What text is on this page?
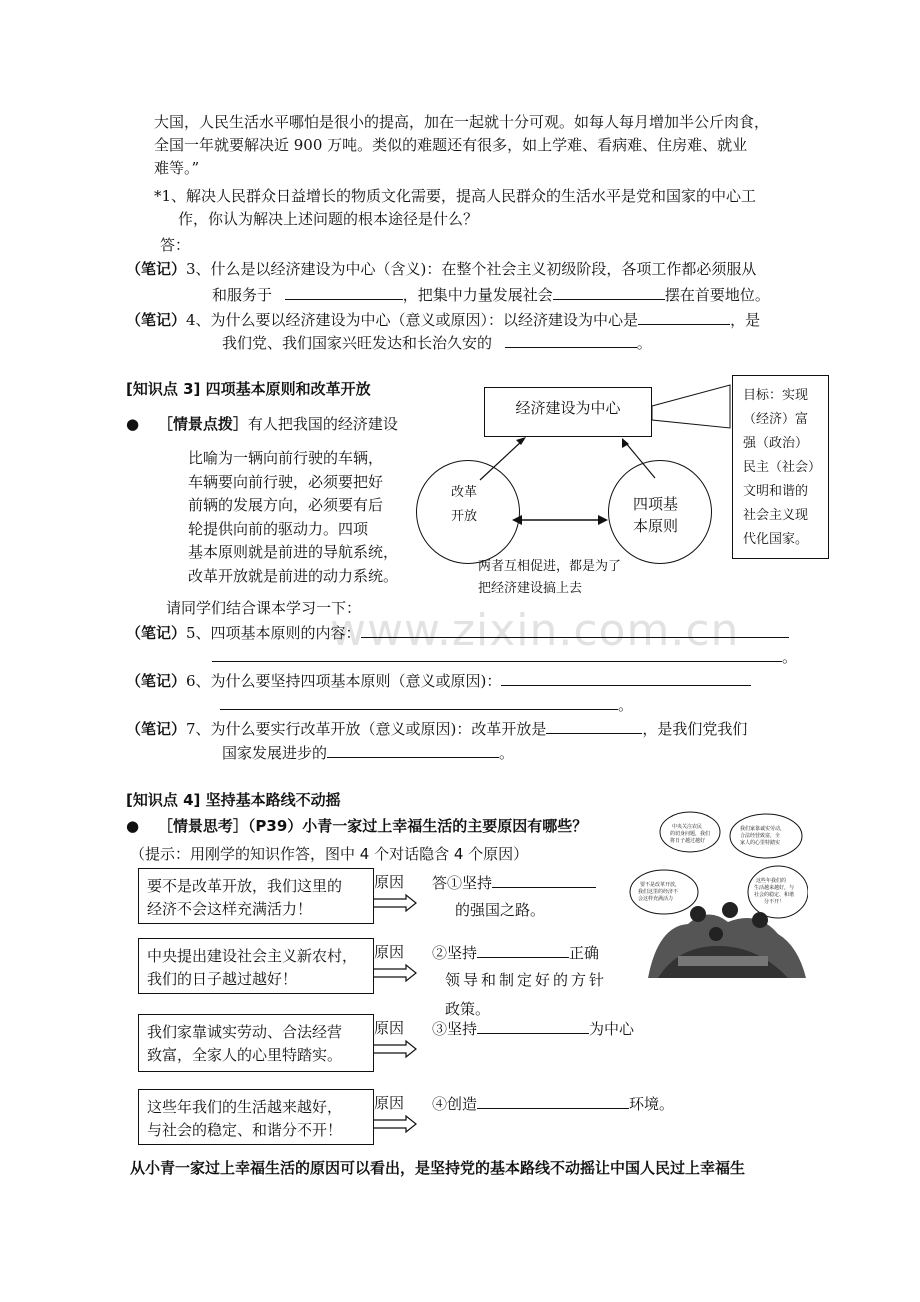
www.zixin.com.cn
大国，人民生活水平哪怕是很小的提高，加在一起就十分可观。如每人每月增加半公斤肉食，
全国一年就要解决近 900 万吨。类似的难题还有很多，如上学难、看病难、住房难、就业
难等。”
*1、解决人民群众日益增长的物质文化需要，提高人民群众的生活水平是党和国家的中心工
作，你认为解决上述问题的根本途径是什么？
答：
（笔记）3、什么是以经济建设为中心（含义)：在整个社会主义初级阶段，各项工作都必须服从
和服务于	，把集中力量发展社会	摆在首要地位。
（笔记）4、为什么要以经济建设为中心（意义或原因）：以经济建设为中心是	，是
我们党、我们国家兴旺发达和长治久安的	。
[知识点 3] 四项基本原则和改革开放
● ［情景点拨］有人把我国的经济建设
比喻为一辆向前行驶的车辆，
车辆要向前行驶，必须要把好
前辆的发展方向，必须要有后
轮提供向前的驱动力。四项
基本原则就是前进的导航系统，
改革开放就是前进的动力系统。
请同学们结合课本学习一下：
经济建设为中心
改革
开放
四项基
本原则
两者互相促进，都是为了
把经济建设搞上去
目标：实现
（经济）富
强（政治）
民主（社会）
文明和谐的
社会主义现
代化国家。
（笔记）5、四项基本原则的内容：
。
（笔记）6、为什么要坚持四项基本原则（意义或原因)：
。
（笔记）7、为什么要实行改革开放（意义或原因)：改革开放是	，是我们党我们
国家发展进步的	。
[知识点 4] 坚持基本路线不动摇
● ［情景思考］（P39）小青一家过上幸福生活的主要原因有哪些？
（提示：用刚学的知识作答，图中 4 个对话隐含 4 个原因）
要不是改革开放，我们这里的
经济不会这样充满活力！
原因 答①坚持
的强国之路。
中央提出建设社会主义新农村，
我们的日子越过越好！
原因 ②坚持	正确
领导和制定好的方针
政策。
我们家靠诚实劳动、合法经营
致富，全家人的心里特踏实。
原因 ③坚持	为中心
这些年我们的生活越来越好，
与社会的稳定、和谐分不开！
原因 ④创造	环境。
中央关注农民
的切身问题，我们
将日子越过越好
我们家靠诚实劳动，
合法经营致富，全
家人的心里特踏实
要不是改革开放，
我们这里的经济不
会这样充满活力
这些年我们的
生活越来越好，与
社会的稳定、和谐
分不开！
从小青一家过上幸福生活的原因可以看出，是坚持党的基本路线不动摇让中国人民过上幸福生
